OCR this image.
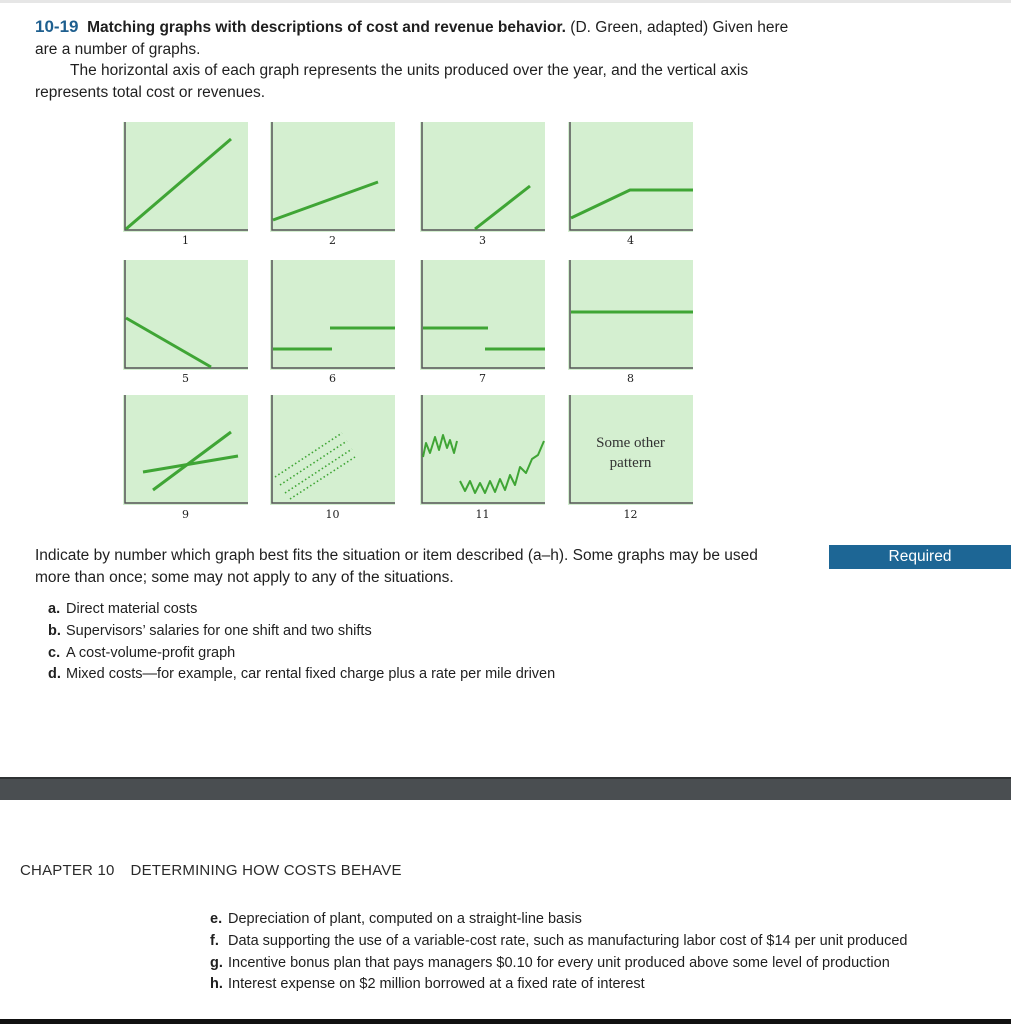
10-19 Matching graphs with descriptions of cost and revenue behavior. (D. Green, adapted) Given here are a number of graphs.

The horizontal axis of each graph represents the units produced over the year, and the vertical axis represents total cost or revenues.

1	2	3	4
5	6	7	8
9	10	11
Some other
pattern
12

Indicate by number which graph best fits the situation or item described (a–h). Some graphs may be used more than once; some may not apply to any of the situations.

Required
a. Direct material costs
b. Supervisors’ salaries for one shift and two shifts
c. A cost-volume-profit graph
d. Mixed costs—for example, car rental fixed charge plus a rate per mile driven
CHAPTER 10 DETERMINING HOW COSTS BEHAVE
e. Depreciation of plant, computed on a straight-line basis
f. Data supporting the use of a variable-cost rate, such as manufacturing labor cost of $14 per unit produced
g. Incentive bonus plan that pays managers $0.10 for every unit produced above some level of production
h. Interest expense on $2 million borrowed at a fixed rate of interest
